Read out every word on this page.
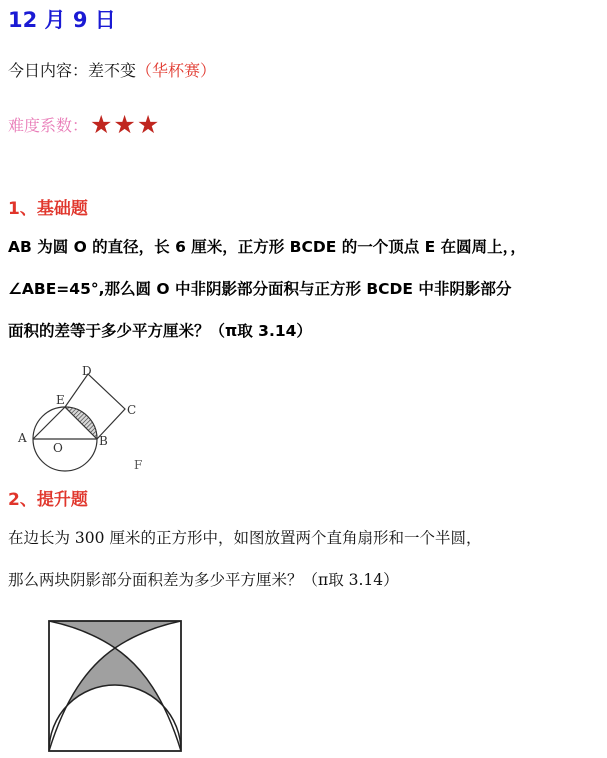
12 月 9 日
今日内容：差不变（华杯赛）
难度系数： ★★★
1、基础题
AB 为圆 O 的直径，长 6 厘米，正方形 BCDE 的一个顶点 E 在圆周上，，
∠ABE=45°,那么圆 O 中非阴影部分面积与正方形 BCDE 中非阴影部分
面积的差等于多少平方厘米？（π取 3.14）
A	B
C
D
E
O
F
2、提升题
在边长为 300 厘米的正方形中，如图放置两个直角扇形和一个半圆，
那么两块阴影部分面积差为多少平方厘米？（π取 3.14）
